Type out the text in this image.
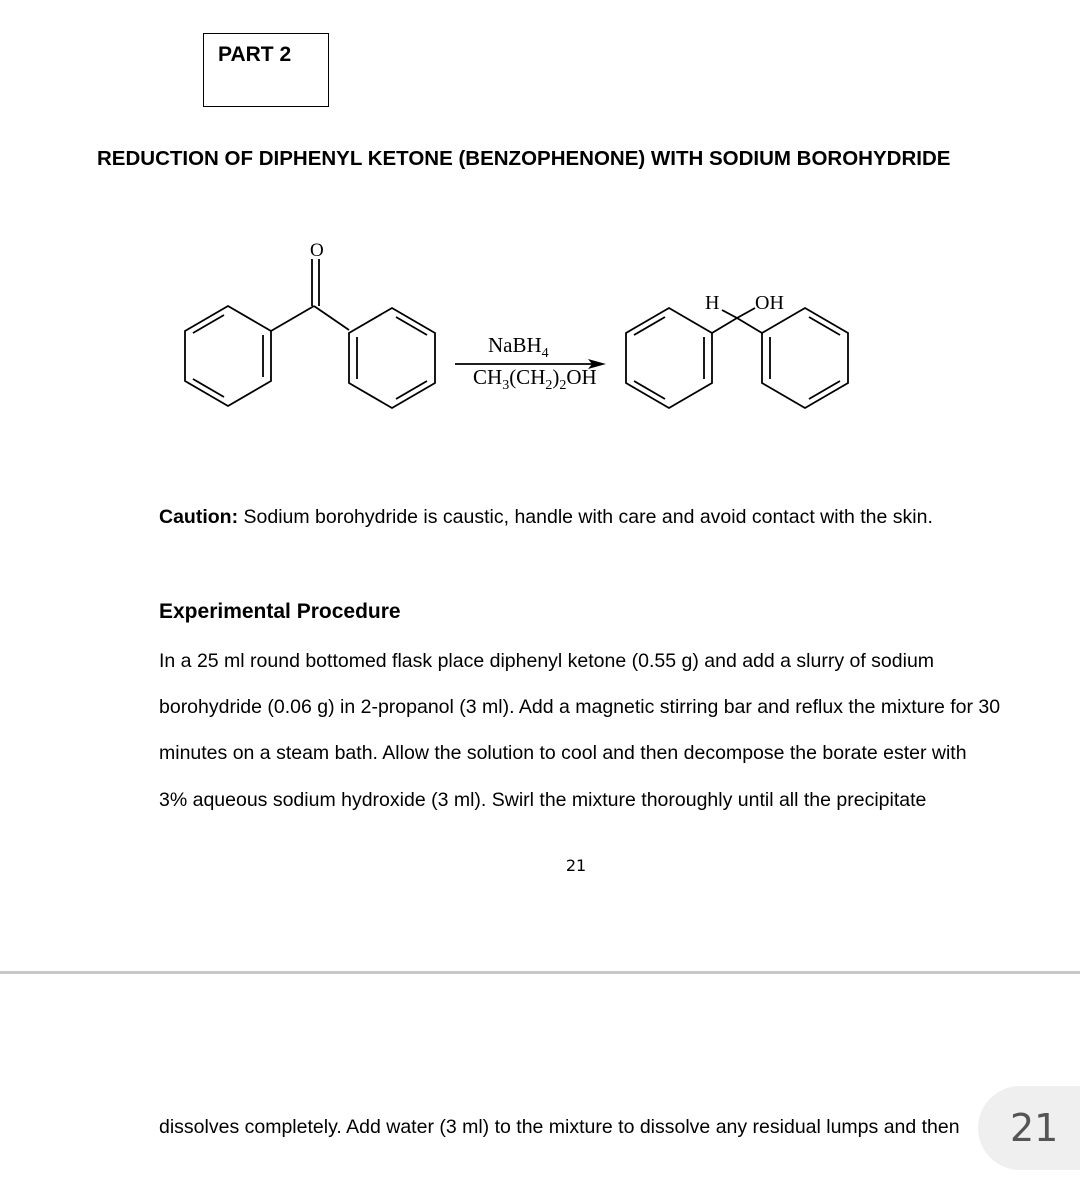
PART 2
REDUCTION OF DIPHENYL KETONE (BENZOPHENONE) WITH SODIUM BOROHYDRIDE
O
NaBH$_4$
$CH_3(CH_2)_2OH$
H OH
Caution: Sodium borohydride is caustic, handle with care and avoid contact with the skin.
Experimental Procedure
In a 25 ml round bottomed flask place diphenyl ketone (0.55 g) and add a slurry of sodium
borohydride (0.06 g) in 2-propanol (3 ml). Add a magnetic stirring bar and reflux the mixture for 30
minutes on a steam bath. Allow the solution to cool and then decompose the borate ester with
3% aqueous sodium hydroxide (3 ml). Swirl the mixture thoroughly until all the precipitate
21
dissolves completely. Add water (3 ml) to the mixture to dissolve any residual lumps and then	21
